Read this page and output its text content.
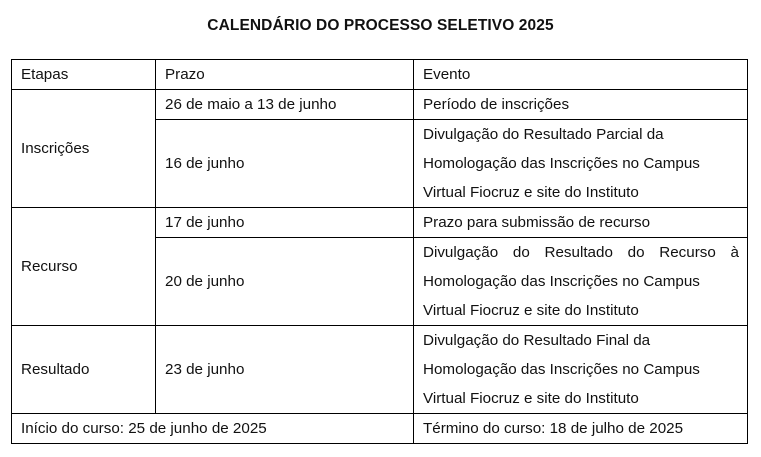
CALENDÁRIO DO PROCESSO SELETIVO 2025
Etapas	Prazo	Evento
Inscrições	26 de maio a 13 de junho	Período de inscrições
	16 de junho	Divulgação do Resultado Parcial da
Homologação das Inscrições no Campus
Virtual Fiocruz e site do Instituto

Recurso	17 de junho	Prazo para submissão de recurso
	20 de junho	Divulgação do Resultado do Recurso à
Homologação das Inscrições no Campus
Virtual Fiocruz e site do Instituto

Resultado	23 de junho	Divulgação do Resultado Final da
Homologação das Inscrições no Campus
Virtual Fiocruz e site do Instituto

Início do curso: 25 de junho de 2025		Término do curso: 18 de julho de 2025
